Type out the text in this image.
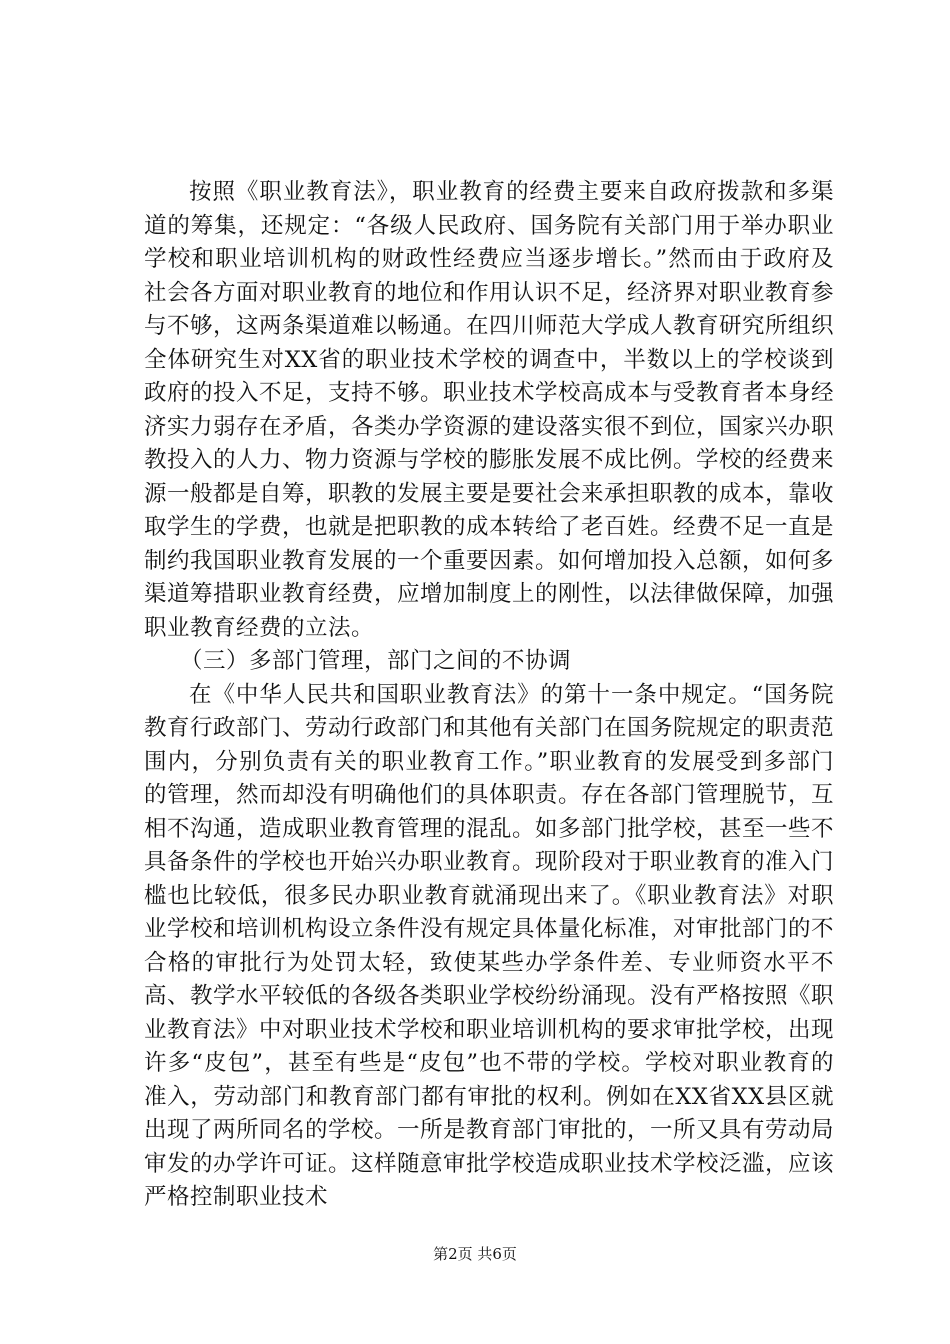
按照《职业教育法》，职业教育的经费主要来自政府拨款和多渠道的筹集，还规定：“各级人民政府、国务院有关部门用于举办职业学校和职业培训机构的财政性经费应当逐步增长。”然而由于政府及社会各方面对职业教育的地位和作用认识不足，经济界对职业教育参与不够，这两条渠道难以畅通。在四川师范大学成人教育研究所组织全体研究生对XX省的职业技术学校的调查中，半数以上的学校谈到政府的投入不足，支持不够。职业技术学校高成本与受教育者本身经济实力弱存在矛盾，各类办学资源的建设落实很不到位，国家兴办职教投入的人力、物力资源与学校的膨胀发展不成比例。学校的经费来源一般都是自筹，职教的发展主要是要社会来承担职教的成本，靠收取学生的学费，也就是把职教的成本转给了老百姓。经费不足一直是制约我国职业教育发展的一个重要因素。如何增加投入总额，如何多渠道筹措职业教育经费，应增加制度上的刚性，以法律做保障，加强职业教育经费的立法。

（三）多部门管理，部门之间的不协调

在《中华人民共和国职业教育法》的第十一条中规定。“国务院教育行政部门、劳动行政部门和其他有关部门在国务院规定的职责范围内，分别负责有关的职业教育工作。”职业教育的发展受到多部门的管理，然而却没有明确他们的具体职责。存在各部门管理脱节，互相不沟通，造成职业教育管理的混乱。如多部门批学校，甚至一些不具备条件的学校也开始兴办职业教育。现阶段对于职业教育的准入门槛也比较低，很多民办职业教育就涌现出来了。《职业教育法》对职业学校和培训机构设立条件没有规定具体量化标准，对审批部门的不合格的审批行为处罚太轻，致使某些办学条件差、专业师资水平不高、教学水平较低的各级各类职业学校纷纷涌现。没有严格按照《职业教育法》中对职业技术学校和职业培训机构的要求审批学校，出现许多“皮包”，甚至有些是“皮包”也不带的学校。学校对职业教育的准入，劳动部门和教育部门都有审批的权利。例如在XX省XX县区就出现了两所同名的学校。一所是教育部门审批的，一所又具有劳动局审发的办学许可证。这样随意审批学校造成职业技术学校泛滥，应该严格控制职业技术

第2页 共6页
